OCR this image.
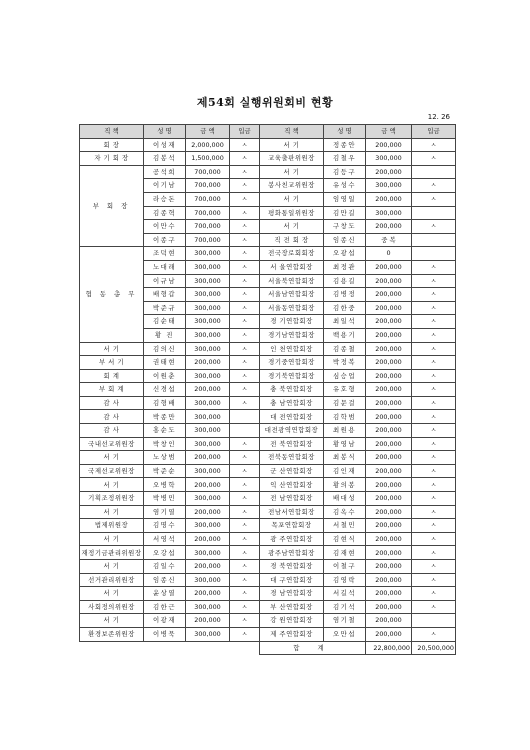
제54회 실행위원회비 현황
12. 26
직 책	성 명	금 액	입금	직 책	성 명	금 액	입금
회 장	이성재	2,000,000	ㅅ	서 기	정종안	200,000	ㅅ
자 기 회 장	김봉석	1,500,000	ㅅ	교육출판위원장	김철우	300,000	ㅅ
부 회 장	공석희	700,000	ㅅ	서 기	김등구	200,000	
	이기남	700,000	ㅅ	봉사친교위원장	유성수	300,000	ㅅ
	라승돈	700,000	ㅅ	서 기	임영일	200,000	ㅅ
	김종혁	700,000	ㅅ	평화통일위원장	김만길	300,000	
	이만수	700,000	ㅅ	서 기	구창도	200,000	ㅅ
	이종구	700,000	ㅅ	직 전 회 장	임종신	중 복	
협 동 총 무	조덕현	300,000	ㅅ	전국장로회회장	오광섭	0	
	노대래	300,000	ㅅ	서 울연합회장	최정관	200,000	ㅅ
	이규남	300,000	ㅅ	서울북연합회장	김용길	200,000	ㅅ
	배형갑	300,000	ㅅ	서울남연합회장	김병정	200,000	ㅅ
	박준규	300,000	ㅅ	서울동연합회장	김한중	200,000	ㅅ
	김순태	300,000	ㅅ	경 기연합회장	최일석	200,000	ㅅ
	황 진	300,000	ㅅ	경기남연합회장	백용기	200,000	ㅅ
서 기	김의신	300,000	ㅅ	인 천연합회장	김종철	200,000	ㅅ
부 서 기	권태현	200,000	ㅅ	경기중연합회장	박정복	200,000	ㅅ
회 계	이원춘	300,000	ㅅ	경기북연합회장	심승업	200,000	ㅅ
부 회 계	신경섭	200,000	ㅅ	충 북연합회장	유호형	200,000	ㅅ
감 사	김형배	300,000	ㅅ	충 남연합회장	김문걸	200,000	ㅅ
감 사	박종만	300,000		대 전연합회장	김학범	200,000	ㅅ
감 사	홍순도	300,000		대전광역연합회장	최원용	200,000	ㅅ
국내선교위원장	박창인	300,000	ㅅ	전 북연합회장	황영남	200,000	ㅅ
서 기	노상범	200,000	ㅅ	전북동연합회장	최봉식	200,000	ㅅ
국제선교위원장	박준순	300,000	ㅅ	군 산연합회장	김인재	200,000	ㅅ
서 기	오병학	200,000	ㅅ	익 산연합회장	황의봉	200,000	ㅅ
기획조정위원장	박병민	300,000	ㅅ	전 남연합회장	배대성	200,000	ㅅ
서 기	염기열	200,000	ㅅ	전남서연합회장	김옥수	200,000	ㅅ
법제위원장	김명수	300,000	ㅅ	목포연합회장	서철민	200,000	ㅅ
서 기	서영석	200,000	ㅅ	광 주연합회장	김현식	200,000	ㅅ
재정기금관리위원장	오강섭	300,000	ㅅ	광주남연합회장	김재현	200,000	ㅅ
서 기	김일수	200,000	ㅅ	경 북연합회장	이철구	200,000	ㅅ
선거관리위원장	임종신	300,000	ㅅ	대 구연합회장	김영락	200,000	ㅅ
서 기	윤상열	200,000	ㅅ	경 남연합회장	서길석	200,000	ㅅ
사회정의위원장	김한근	300,000	ㅅ	부 산연합회장	김기석	200,000	ㅅ
서 기	이광재	200,000	ㅅ	강 원연합회장	염기철	200,000	
환경보존위원장	이병묵	300,000	ㅅ	제 주연합회장	오만섭	200,000	ㅅ
				합 계		22,800,000	20,500,000
